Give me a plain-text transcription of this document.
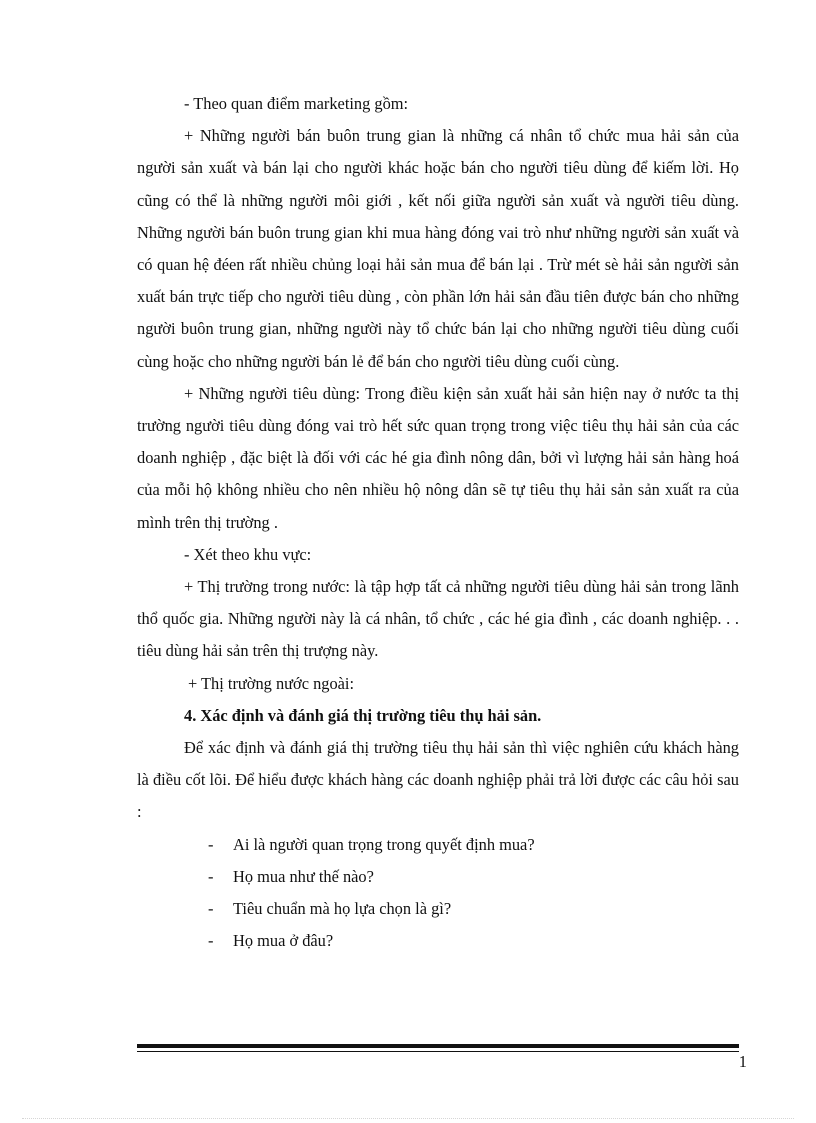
- Theo quan điểm marketing gồm:

+ Những người bán buôn trung gian là những cá nhân tổ chức mua hải sản của người sản xuất và bán lại cho người khác hoặc bán cho người tiêu dùng để kiếm lời. Họ cũng có thể là những người môi giới , kết nối giữa người sản xuất và người tiêu dùng. Những người bán buôn trung gian khi mua hàng đóng vai trò như những người sản xuất và có quan hệ đéen rất nhiều chủng loại hải sản mua để bán lại . Trừ mét sè hải sản người sản xuất bán trực tiếp cho người tiêu dùng , còn phần lớn hải sản đầu tiên được bán cho những người buôn trung gian, những người này tổ chức bán lại cho những người tiêu dùng cuối cùng hoặc cho những người bán lẻ để bán cho người tiêu dùng cuối cùng.

+ Những người tiêu dùng: Trong điều kiện sản xuất hải sản hiện nay ở nước ta thị trường người tiêu dùng đóng vai trò hết sức quan trọng trong việc tiêu thụ hải sản của các doanh nghiệp , đặc biệt là đối với các hé gia đình nông dân, bởi vì lượng hải sản hàng hoá của mỗi hộ không nhiều cho nên nhiều hộ nông dân sẽ tự tiêu thụ hải sản sản xuất ra của mình trên thị trường .

- Xét theo khu vực:

+ Thị trường trong nước: là tập hợp tất cả những người tiêu dùng hải sản trong lãnh thổ quốc gia. Những người này là cá nhân, tổ chức , các hé gia đình , các doanh nghiệp. . . tiêu dùng hải sản trên thị trượng này.

+ Thị trường nước ngoài:

4. Xác định và đánh giá thị trường tiêu thụ hải sản.

Để xác định và đánh giá thị trường tiêu thụ hải sản thì việc nghiên cứu khách hàng là điều cốt lõi. Để hiểu được khách hàng các doanh nghiệp phải trả lời được các câu hỏi sau :

- Ai là người quan trọng trong quyết định mua?
- Họ mua như thế nào?
- Tiêu chuẩn mà họ lựa chọn là gì?
- Họ mua ở đâu?
1
